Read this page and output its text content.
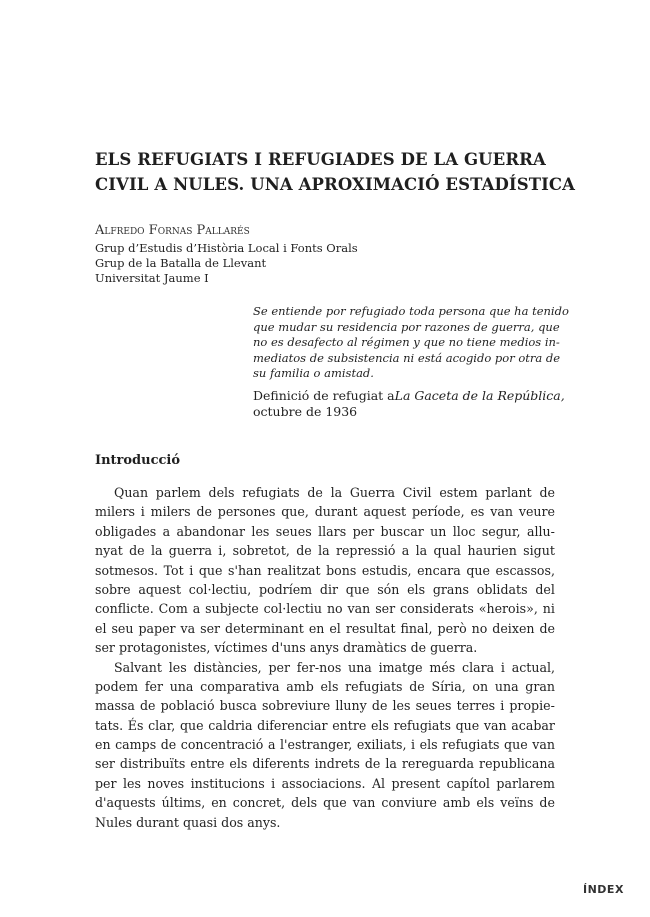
ELS REFUGIATS I REFUGIADES DE LA GUERRA
CIVIL A NULES. UNA APROXIMACIÓ ESTADÍSTICA
Alfredo Fornas Pallarés
Grup d’Estudis d’Història Local i Fonts Orals
Grup de la Batalla de Llevant
Universitat Jaume I
Se entiende por refugiado toda persona que ha tenido
que mudar su residencia por razones de guerra, que
no es desafecto al régimen y que no tiene medios in-
mediatos de subsistencia ni está acogido por otra de
su familia o amistad.
Definició de refugiat a La Gaceta de la República,
octubre de 1936
Introducció
Quan parlem dels refugiats de la Guerra Civil estem parlant de
milers i milers de persones que, durant aquest període, es van veure
obligades a abandonar les seues llars per buscar un lloc segur, allu-
nyat de la guerra i, sobretot, de la repressió a la qual haurien sigut
sotmesos. Tot i que s'han realitzat bons estudis, encara que escassos,
sobre aquest col·lectiu, podríem dir que són els grans oblidats del
conflicte. Com a subjecte col·lectiu no van ser considerats «herois», ni
el seu paper va ser determinant en el resultat final, però no deixen de
ser protagonistes, víctimes d'uns anys dramàtics de guerra.
Salvant les distàncies, per fer-nos una imatge més clara i actual,
podem fer una comparativa amb els refugiats de Síria, on una gran
massa de població busca sobreviure lluny de les seues terres i propie-
tats. És clar, que caldria diferenciar entre els refugiats que van acabar
en camps de concentració a l'estranger, exiliats, i els refugiats que van
ser distribuïts entre els diferents indrets de la rereguarda republicana
per les noves institucions i associacions. Al present capítol parlarem
d'aquests últims, en concret, dels que van conviure amb els veïns de
Nules durant quasi dos anys.
ÍNDEX
